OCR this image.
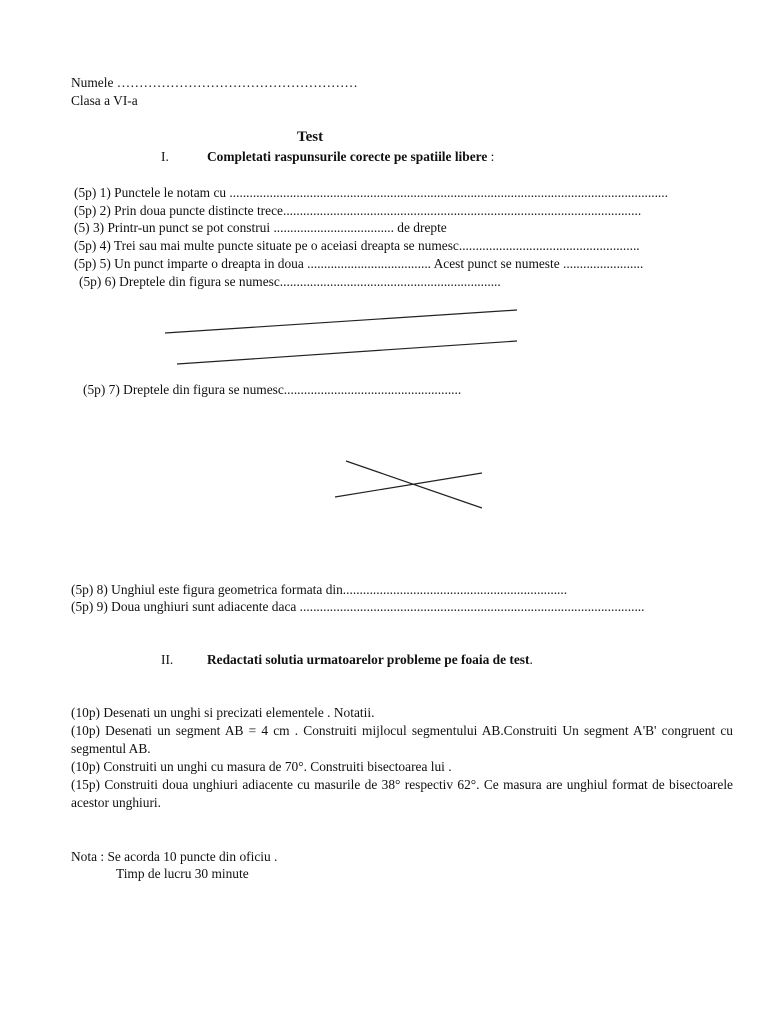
Numele ………………………………………………
Clasa a VI-a
Test
I.	Completati raspunsurile corecte pe spatiile libere :
(5p) 1) Punctele le notam cu ...................................................................................................................................
(5p) 2) Prin doua puncte distincte trece...........................................................................................................
(5) 3) Printr-un punct se pot construi .................................... de drepte
(5p) 4) Trei sau mai multe puncte situate pe o aceiasi dreapta se numesc......................................................
(5p) 5) Un punct imparte o dreapta in doua ..................................... Acest punct se numeste ........................
(5p) 6) Dreptele din figura se numesc..................................................................
(5p) 7) Dreptele din figura se numesc.....................................................
(5p) 8) Unghiul este figura geometrica formata din...................................................................
(5p) 9) Doua unghiuri sunt adiacente daca .......................................................................................................
II.	Redactati solutia urmatoarelor probleme pe foaia de test.
(10p) Desenati un unghi si precizati elementele . Notatii.
(10p) Desenati un segment AB = 4 cm . Construiti mijlocul segmentului AB.Construiti Un segment A'B' congruent cu segmentul AB.
(10p) Construiti un unghi cu masura de 70°. Construiti bisectoarea lui .
(15p) Construiti doua unghiuri adiacente cu masurile de 38° respectiv 62°. Ce masura are unghiul format de bisectoarele acestor unghiuri.
Nota : Se acorda 10 puncte din oficiu .
Timp de lucru 30 minute
